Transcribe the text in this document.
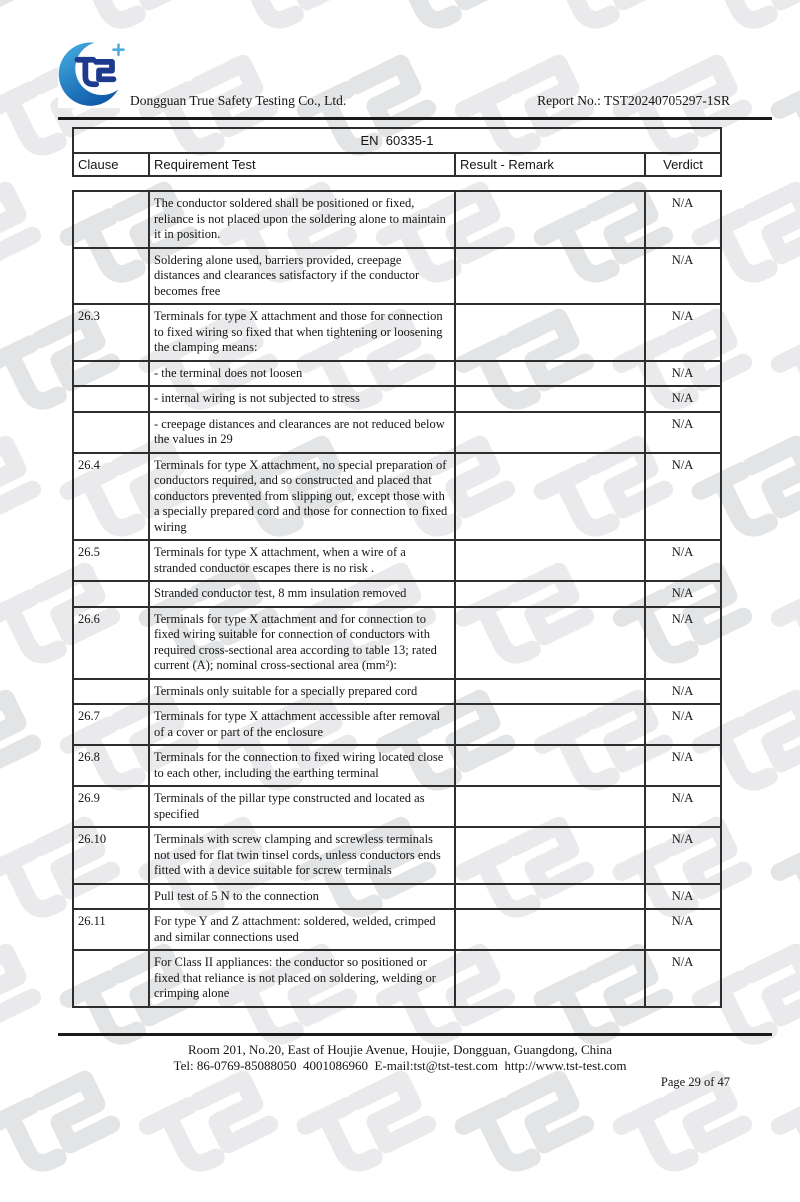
Dongguan True Safety Testing Co., Ltd.	Report No.: TST20240705297-1SR
EN  60335-1
Clause	Requirement Test	Result - Remark	Verdict
	The conductor soldered shall be positioned or fixed, reliance is not placed upon the soldering alone to maintain it in position.		N/A
	Soldering alone used, barriers provided, creepage distances and clearances satisfactory if the conductor becomes free		N/A
26.3	Terminals for type X attachment and those for connection to fixed wiring so fixed that when tightening or loosening the clamping means:		N/A
	- the terminal does not loosen		N/A
	- internal wiring is not subjected to stress		N/A
	- creepage distances and clearances are not reduced below the values in 29		N/A
26.4	Terminals for type X attachment, no special preparation of conductors required, and so constructed and placed that conductors prevented from slipping out, except those with a specially prepared cord and those for connection to fixed wiring		N/A
26.5	Terminals for type X attachment, when a wire of a stranded conductor escapes there is no risk .		N/A
	Stranded conductor test, 8 mm insulation removed		N/A
26.6	Terminals for type X attachment and for connection to fixed wiring suitable for connection of conductors with required cross-sectional area according to table 13; rated current (A); nominal cross-sectional area (mm²):		N/A
	Terminals only suitable for a specially prepared cord		N/A
26.7	Terminals for type X attachment accessible after removal of a cover or part of the enclosure		N/A
26.8	Terminals for the connection to fixed wiring located close to each other, including the earthing terminal		N/A
26.9	Terminals of the pillar type constructed and located as specified		N/A
26.10	Terminals with screw clamping and screwless terminals not used for flat twin tinsel cords, unless conductors ends fitted with a device suitable for screw terminals		N/A
	Pull test of 5 N to the connection		N/A
26.11	For type Y and Z attachment: soldered, welded, crimped and similar connections used		N/A
	For Class II appliances: the conductor so positioned or fixed that reliance is not placed on soldering, welding or crimping alone		N/A
Room 201, No.20, East of Houjie Avenue, Houjie, Dongguan, Guangdong, China
Tel: 86-0769-85088050  4001086960  E-mail:tst@tst-test.com  http://www.tst-test.com
Page 29 of 47
